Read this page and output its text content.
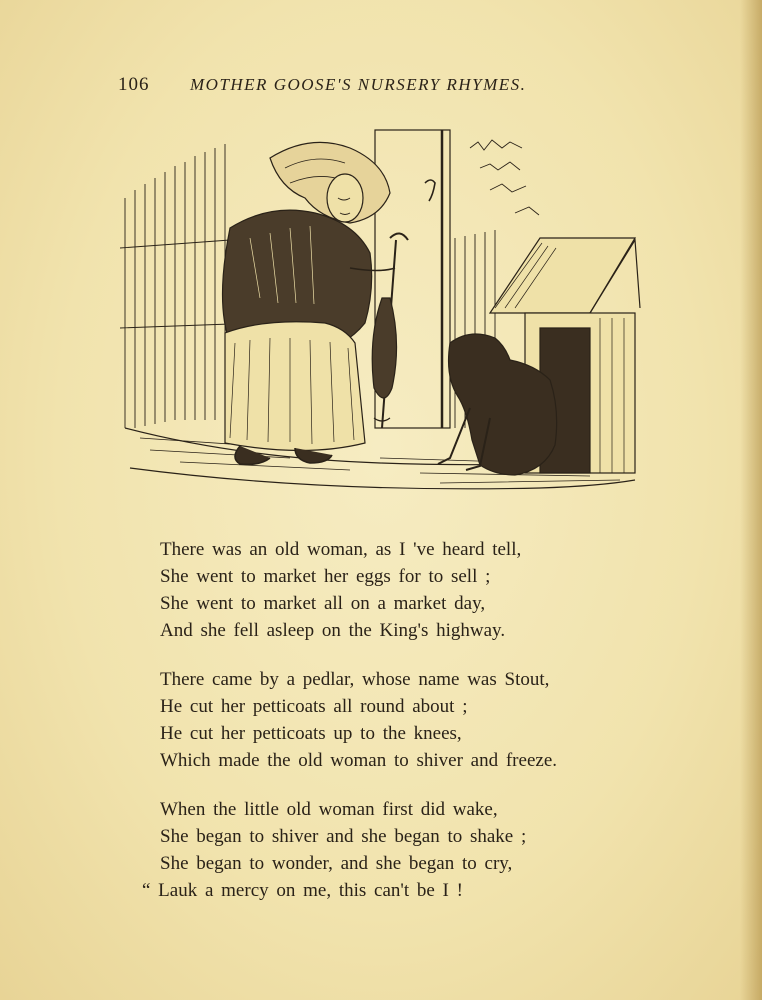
106	MOTHER GOOSE'S NURSERY RHYMES.
There was an old woman, as I 've heard tell,
She went to market her eggs for to sell ;
She went to market all on a market day,
And she fell asleep on the King's highway.
There came by a pedlar, whose name was Stout,
He cut her petticoats all round about ;
He cut her petticoats up to the knees,
Which made the old woman to shiver and freeze.
When the little old woman first did wake,
She began to shiver and she began to shake ;
She began to wonder, and she began to cry,
“ Lauk a mercy on me, this can't be I !
